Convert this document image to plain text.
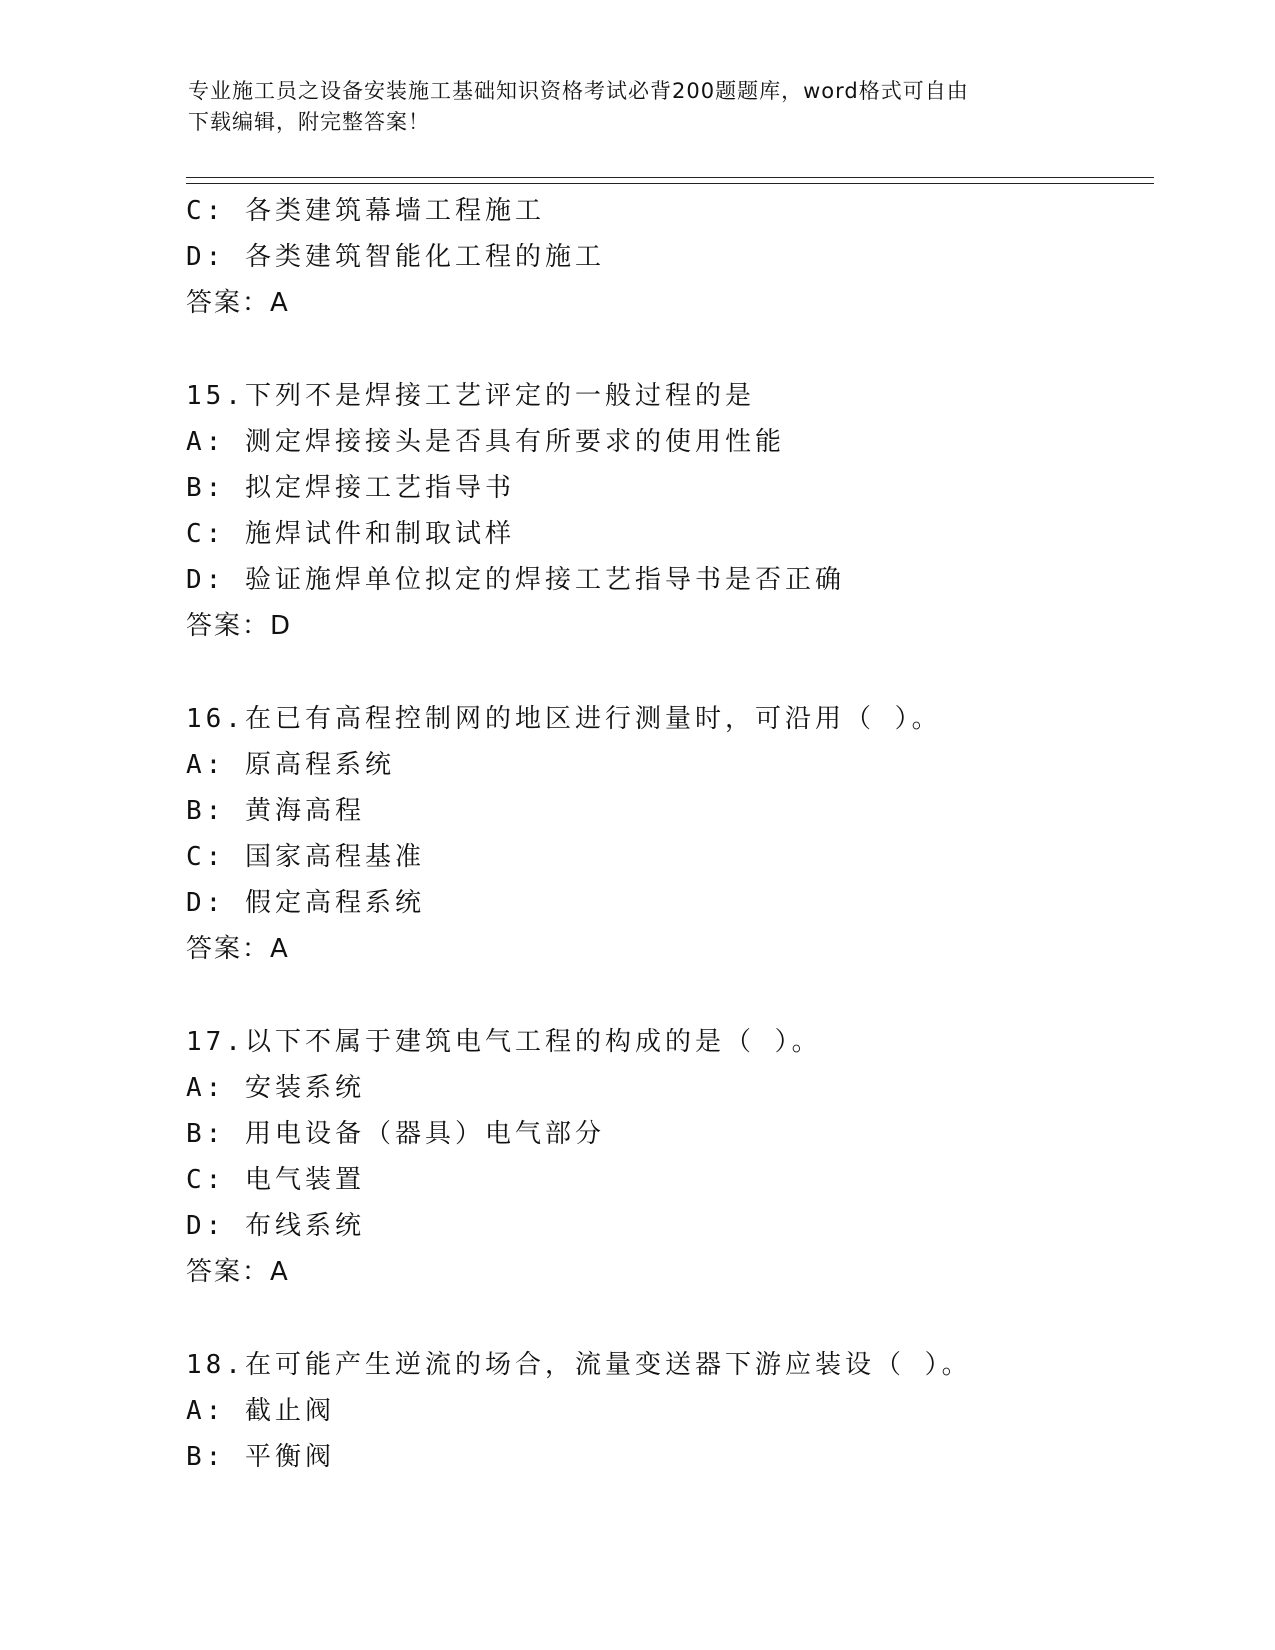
专业施工员之设备安装施工基础知识资格考试必背200题题库，word格式可自由
下载编辑，附完整答案！
C: 各类建筑幕墙工程施工
D: 各类建筑智能化工程的施工
答案：A
15.下列不是焊接工艺评定的一般过程的是
A: 测定焊接接头是否具有所要求的使用性能
B: 拟定焊接工艺指导书
C: 施焊试件和制取试样
D: 验证施焊单位拟定的焊接工艺指导书是否正确
答案：D
16.在已有高程控制网的地区进行测量时，可沿用（ ）。
A: 原高程系统
B: 黄海高程
C: 国家高程基准
D: 假定高程系统
答案：A
17.以下不属于建筑电气工程的构成的是（ ）。
A: 安装系统
B: 用电设备（器具）电气部分
C: 电气装置
D: 布线系统
答案：A
18.在可能产生逆流的场合，流量变送器下游应装设（ ）。
A: 截止阀
B: 平衡阀
